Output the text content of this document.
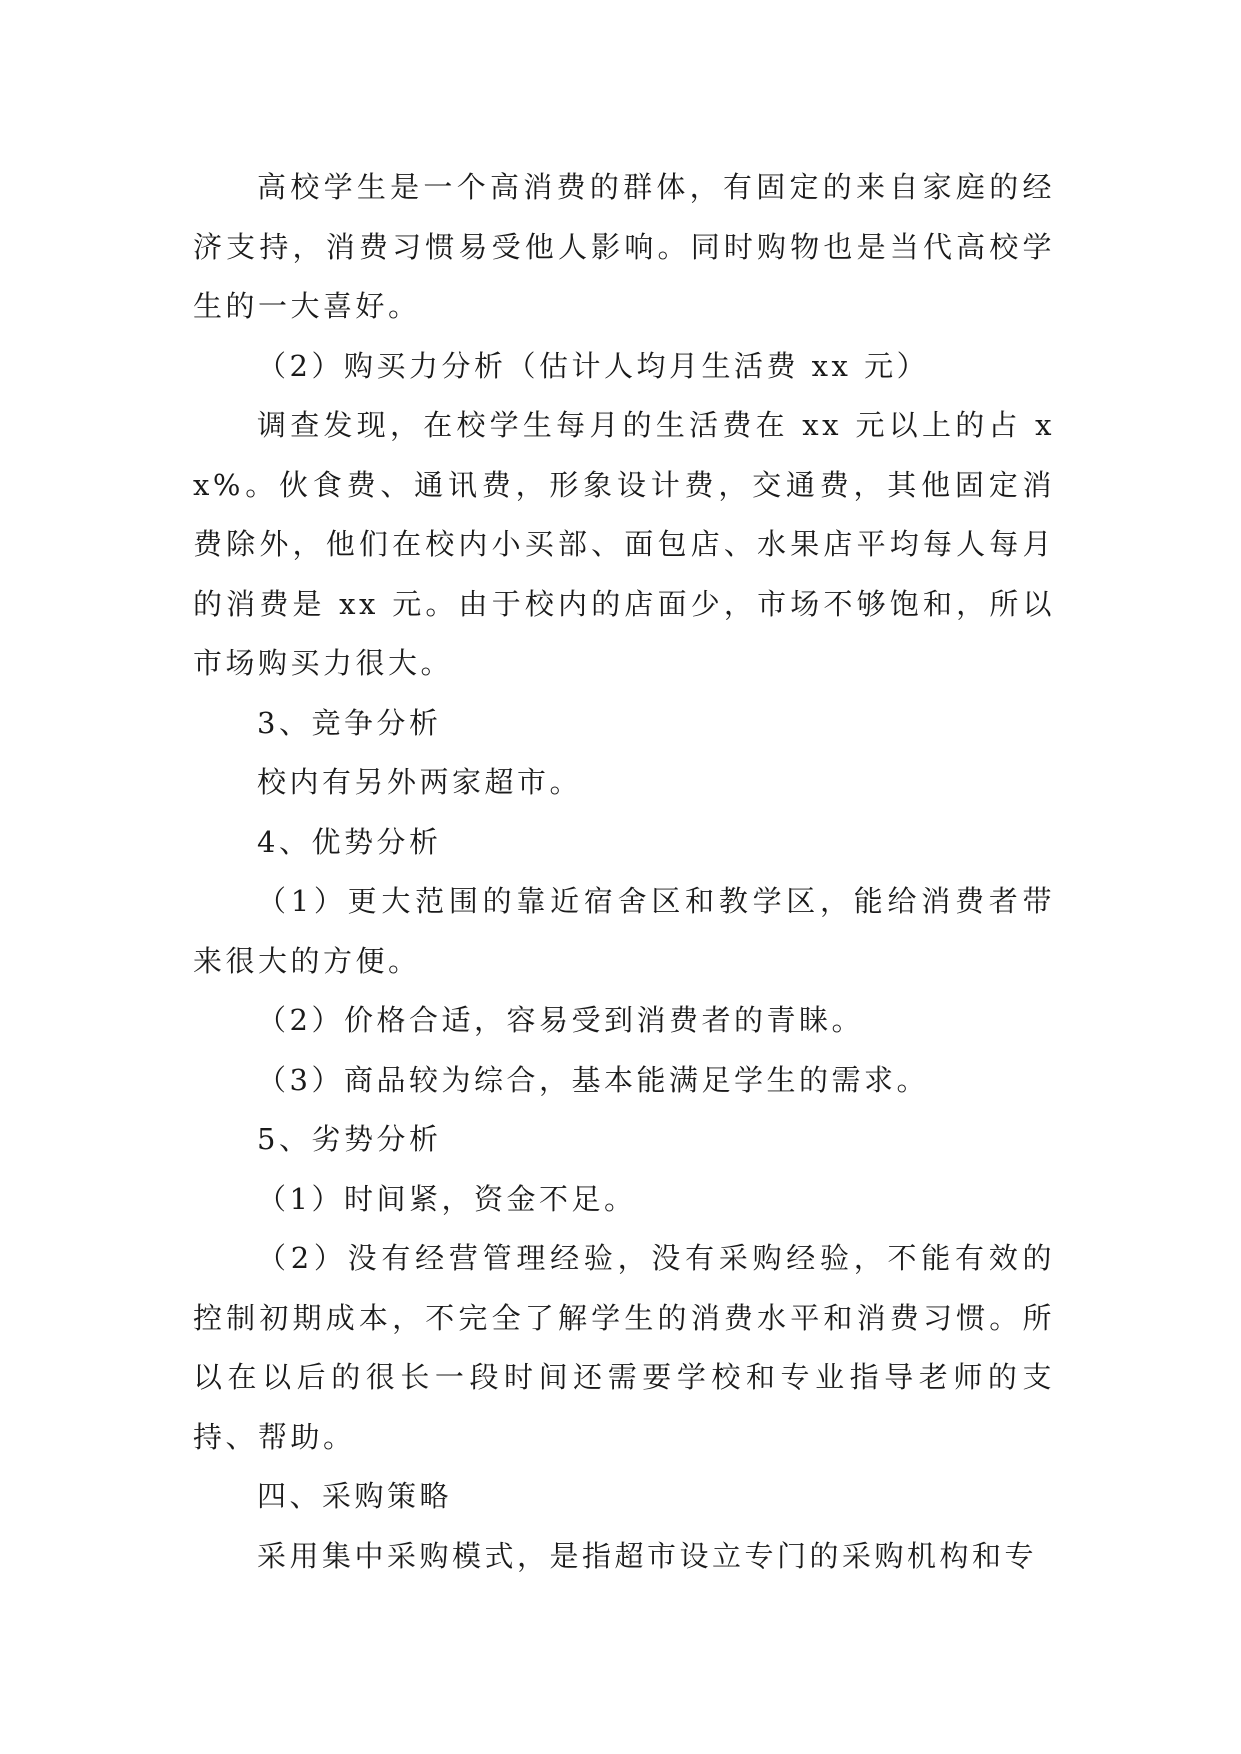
高校学生是一个高消费的群体，有固定的来自家庭的经济支持，消费习惯易受他人影响。同时购物也是当代高校学生的一大喜好。

（2）购买力分析（估计人均月生活费 xx 元）

调查发现，在校学生每月的生活费在 xx 元以上的占 xx%。伙食费、通讯费，形象设计费，交通费，其他固定消费除外，他们在校内小买部、面包店、水果店平均每人每月的消费是 xx 元。由于校内的店面少，市场不够饱和，所以市场购买力很大。

3、竞争分析

校内有另外两家超市。

4、优势分析

（1）更大范围的靠近宿舍区和教学区，能给消费者带来很大的方便。

（2）价格合适，容易受到消费者的青睐。

（3）商品较为综合，基本能满足学生的需求。

5、劣势分析

（1）时间紧，资金不足。

（2）没有经营管理经验，没有采购经验，不能有效的控制初期成本，不完全了解学生的消费水平和消费习惯。所以在以后的很长一段时间还需要学校和专业指导老师的支持、帮助。

四、采购策略

采用集中采购模式，是指超市设立专门的采购机构和专
